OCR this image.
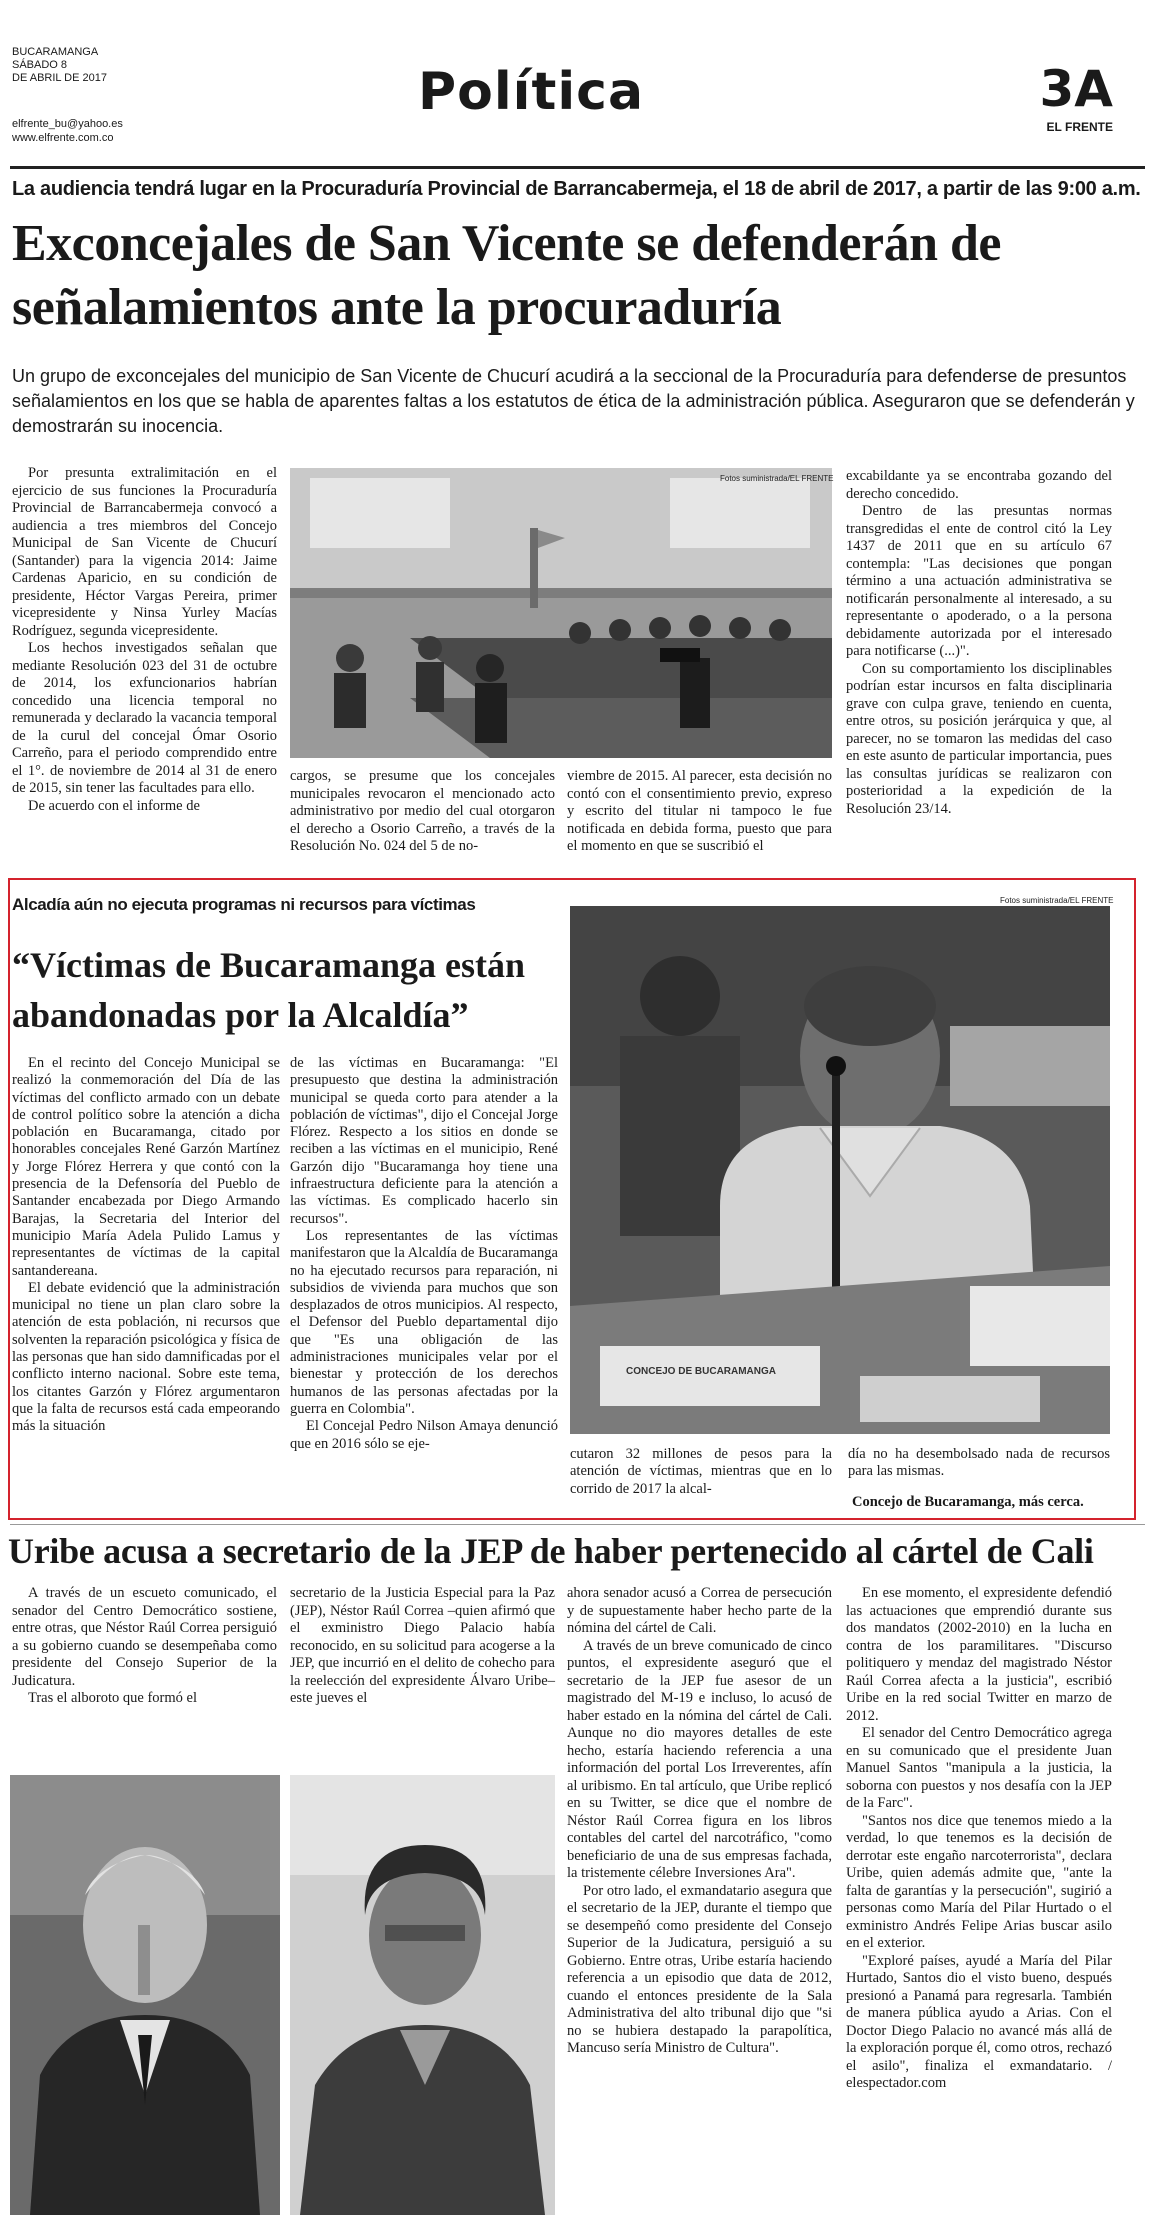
BUCARAMANGA
SÁBADO 8
DE ABRIL DE 2017
elfrente_bu@yahoo.es
www.elfrente.com.co
Política	3A
EL FRENTE
La audiencia tendrá lugar en la Procuraduría Provincial de Barrancabermeja, el 18 de abril de 2017, a partir de las 9:00 a.m.
Exconcejales de San Vicente se defenderán de señalamientos ante la procuraduría

Un grupo de exconcejales del municipio de San Vicente de Chucurí acudirá a la seccional de la Procuraduría para defenderse de presuntos señalamientos en los que se habla de aparentes faltas a los estatutos de ética de la administración pública. Aseguraron que se defenderán y demostrarán su inocencia.

Por presunta extralimitación en el ejercicio de sus funciones la Procuraduría Provincial de Barrancabermeja convocó a audiencia a tres miembros del Concejo Municipal de San Vicente de Chucurí (Santander) para la vigencia 2014: Jaime Cardenas Aparicio, en su condición de presidente, Héctor Vargas Pereira, primer vicepresidente y Ninsa Yurley Macías Rodríguez, segunda vicepresidente.

Los hechos investigados señalan que mediante Resolución 023 del 31 de octubre de 2014, los exfuncionarios habrían concedido una licencia temporal no remunerada y declarado la vacancia temporal de la curul del concejal Ómar Osorio Carreño, para el periodo comprendido entre el 1°. de noviembre de 2014 al 31 de enero de 2015, sin tener las facultades para ello.

De acuerdo con el informe de

Fotos suministrada/EL FRENTE

cargos, se presume que los concejales municipales revocaron el mencionado acto administrativo por medio del cual otorgaron el derecho a Osorio Carreño, a través de la Resolución No. 024 del 5 de no-

viembre de 2015. Al parecer, esta decisión no contó con el consentimiento previo, expreso y escrito del titular ni tampoco le fue notificada en debida forma, puesto que para el momento en que se suscribió el

excabildante ya se encontraba gozando del derecho concedido.

Dentro de las presuntas normas transgredidas el ente de control citó la Ley 1437 de 2011 que en su artículo 67 contempla: "Las decisiones que pongan término a una actuación administrativa se notificarán personalmente al interesado, a su representante o apoderado, o a la persona debidamente autorizada por el interesado para notificarse (...)".

Con su comportamiento los disciplinables podrían estar incursos en falta disciplinaria grave con culpa grave, teniendo en cuenta, entre otros, su posición jerárquica y que, al parecer, no se tomaron las medidas del caso en este asunto de particular importancia, pues las consultas jurídicas se realizaron con posterioridad a la expedición de la Resolución 23/14.

Alcadía aún no ejecuta programas ni recursos para víctimas
“Víctimas de Bucaramanga están abandonadas por la Alcaldía”

En el recinto del Concejo Municipal se realizó la conmemoración del Día de las víctimas del conflicto armado con un debate de control político sobre la atención a dicha población en Bucaramanga, citado por honorables concejales René Garzón Martínez y Jorge Flórez Herrera y que contó con la presencia de la Defensoría del Pueblo de Santander encabezada por Diego Armando Barajas, la Secretaria del Interior del municipio María Adela Pulido Lamus y representantes de víctimas de la capital santandereana.

El debate evidenció que la administración municipal no tiene un plan claro sobre la atención de esta población, ni recursos que solventen la reparación psicológica y física de las personas que han sido damnificadas por el conflicto interno nacional. Sobre este tema, los citantes Garzón y Flórez argumentaron que la falta de recursos está cada empeorando más la situación

de las víctimas en Bucaramanga: "El presupuesto que destina la administración municipal se queda corto para atender a la población de víctimas", dijo el Concejal Jorge Flórez. Respecto a los sitios en donde se reciben a las víctimas en el municipio, René Garzón dijo "Bucaramanga hoy tiene una infraestructura deficiente para la atención a las víctimas. Es complicado hacerlo sin recursos".

Los representantes de las víctimas manifestaron que la Alcaldía de Bucaramanga no ha ejecutado recursos para reparación, ni subsidios de vivienda para muchos que son desplazados de otros municipios. Al respecto, el Defensor del Pueblo departamental dijo que "Es una obligación de las administraciones municipales velar por el bienestar y protección de los derechos humanos de las personas afectadas por la guerra en Colombia".

El Concejal Pedro Nilson Amaya denunció que en 2016 sólo se eje-

CONCEJO DE BUCARAMANGA
Fotos suministrada/EL FRENTE

cutaron 32 millones de pesos para la atención de víctimas, mientras que en lo corrido de 2017 la alcal-

día no ha desembolsado nada de recursos para las mismas.

Concejo de Bucaramanga, más cerca.
Uribe acusa a secretario de la JEP de haber pertenecido al cártel de Cali

A través de un escueto comunicado, el senador del Centro Democrático sostiene, entre otras, que Néstor Raúl Correa persiguió a su gobierno cuando se desempeñaba como presidente del Consejo Superior de la Judicatura.

Tras el alboroto que formó el

secretario de la Justicia Especial para la Paz (JEP), Néstor Raúl Correa –quien afirmó que el exministro Diego Palacio había reconocido, en su solicitud para acogerse a la JEP, que incurrió en el delito de cohecho para la reelección del expresidente Álvaro Uribe– este jueves el

ahora senador acusó a Correa de persecución y de supuestamente haber hecho parte de la nómina del cártel de Cali.

A través de un breve comunicado de cinco puntos, el expresidente aseguró que el secretario de la JEP fue asesor de un magistrado del M-19 e incluso, lo acusó de haber estado en la nómina del cártel de Cali. Aunque no dio mayores detalles de este hecho, estaría haciendo referencia a una información del portal Los Irreverentes, afín al uribismo. En tal artículo, que Uribe replicó en su Twitter, se dice que el nombre de Néstor Raúl Correa figura en los libros contables del cartel del narcotráfico, "como beneficiario de una de sus empresas fachada, la tristemente célebre Inversiones Ara".

Por otro lado, el exmandatario asegura que el secretario de la JEP, durante el tiempo que se desempeñó como presidente del Consejo Superior de la Judicatura, persiguió a su Gobierno. Entre otras, Uribe estaría haciendo referencia a un episodio que data de 2012, cuando el entonces presidente de la Sala Administrativa del alto tribunal dijo que "si no se hubiera destapado la parapolítica, Mancuso sería Ministro de Cultura".

En ese momento, el expresidente defendió las actuaciones que emprendió durante sus dos mandatos (2002-2010) en la lucha en contra de los paramilitares. "Discurso politiquero y mendaz del magistrado Néstor Raúl Correa afecta a la justicia", escribió Uribe en la red social Twitter en marzo de 2012.

El senador del Centro Democrático agrega en su comunicado que el presidente Juan Manuel Santos "manipula a la justicia, la soborna con puestos y nos desafía con la JEP de la Farc".

"Santos nos dice que tenemos miedo a la verdad, lo que tenemos es la decisión de derrotar este engaño narcoterrorista", declara Uribe, quien además admite que, "ante la falta de garantías y la persecución", sugirió a personas como María del Pilar Hurtado o el exministro Andrés Felipe Arias buscar asilo en el exterior.

"Exploré países, ayudé a María del Pilar Hurtado, Santos dio el visto bueno, después presionó a Panamá para regresarla. También de manera pública ayudo a Arias. Con el Doctor Diego Palacio no avancé más allá de la exploración porque él, como otros, rechazó el asilo", finaliza el exmandatario. / elespectador.com
